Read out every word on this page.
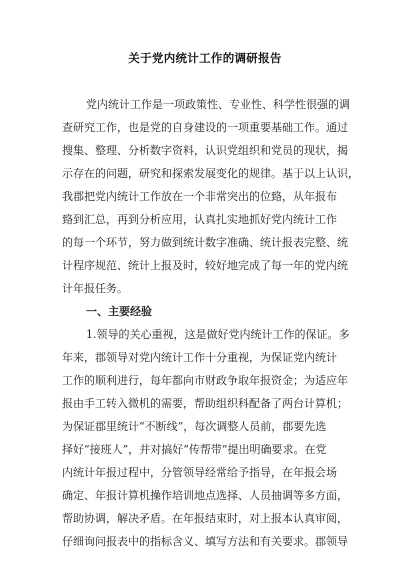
关于党内统计工作的调研报告
党内统计工作是一项政策性、专业性、科学性很强的调
查研究工作，也是党的自身建设的一项重要基础工作。通过
搜集、整理、分析数字资料，认识党组织和党员的现状，揭
示存在的问题，研究和探索发展变化的规律。基于以上认识，
我郡把党内统计工作放在一个非常突出的位臵，从年报布
臵到汇总，再到分析应用，认真扎实地抓好党内统计工作
的每一个环节，努力做到统计数字准确、统计报表完整、统
计程序规范、统计上报及时，较好地完成了每一年的党内统
计年报任务。
一、主要经验
1.领导的关心重视，这是做好党内统计工作的保证。多
年来，郡领导对党内统计工作十分重视，为保证党内统计
工作的顺利进行，每年都向市财政争取年报资金；为适应年
报由手工转入微机的需要，帮助组织科配备了两台计算机；
为保证郡里统计“不断线”，每次调整人员前，郡要先选
择好“接班人”，并对搞好“传帮带”提出明确要求。在党
内统计年报过程中，分管领导经常给予指导，在年报会场
确定、年报计算机操作培训地点选择、人员抽调等多方面，
帮助协调，解决矛盾。在年报结束时，对上报本认真审阅，
仔细询问报表中的指标含义、填写方法和有关要求。郡领导
